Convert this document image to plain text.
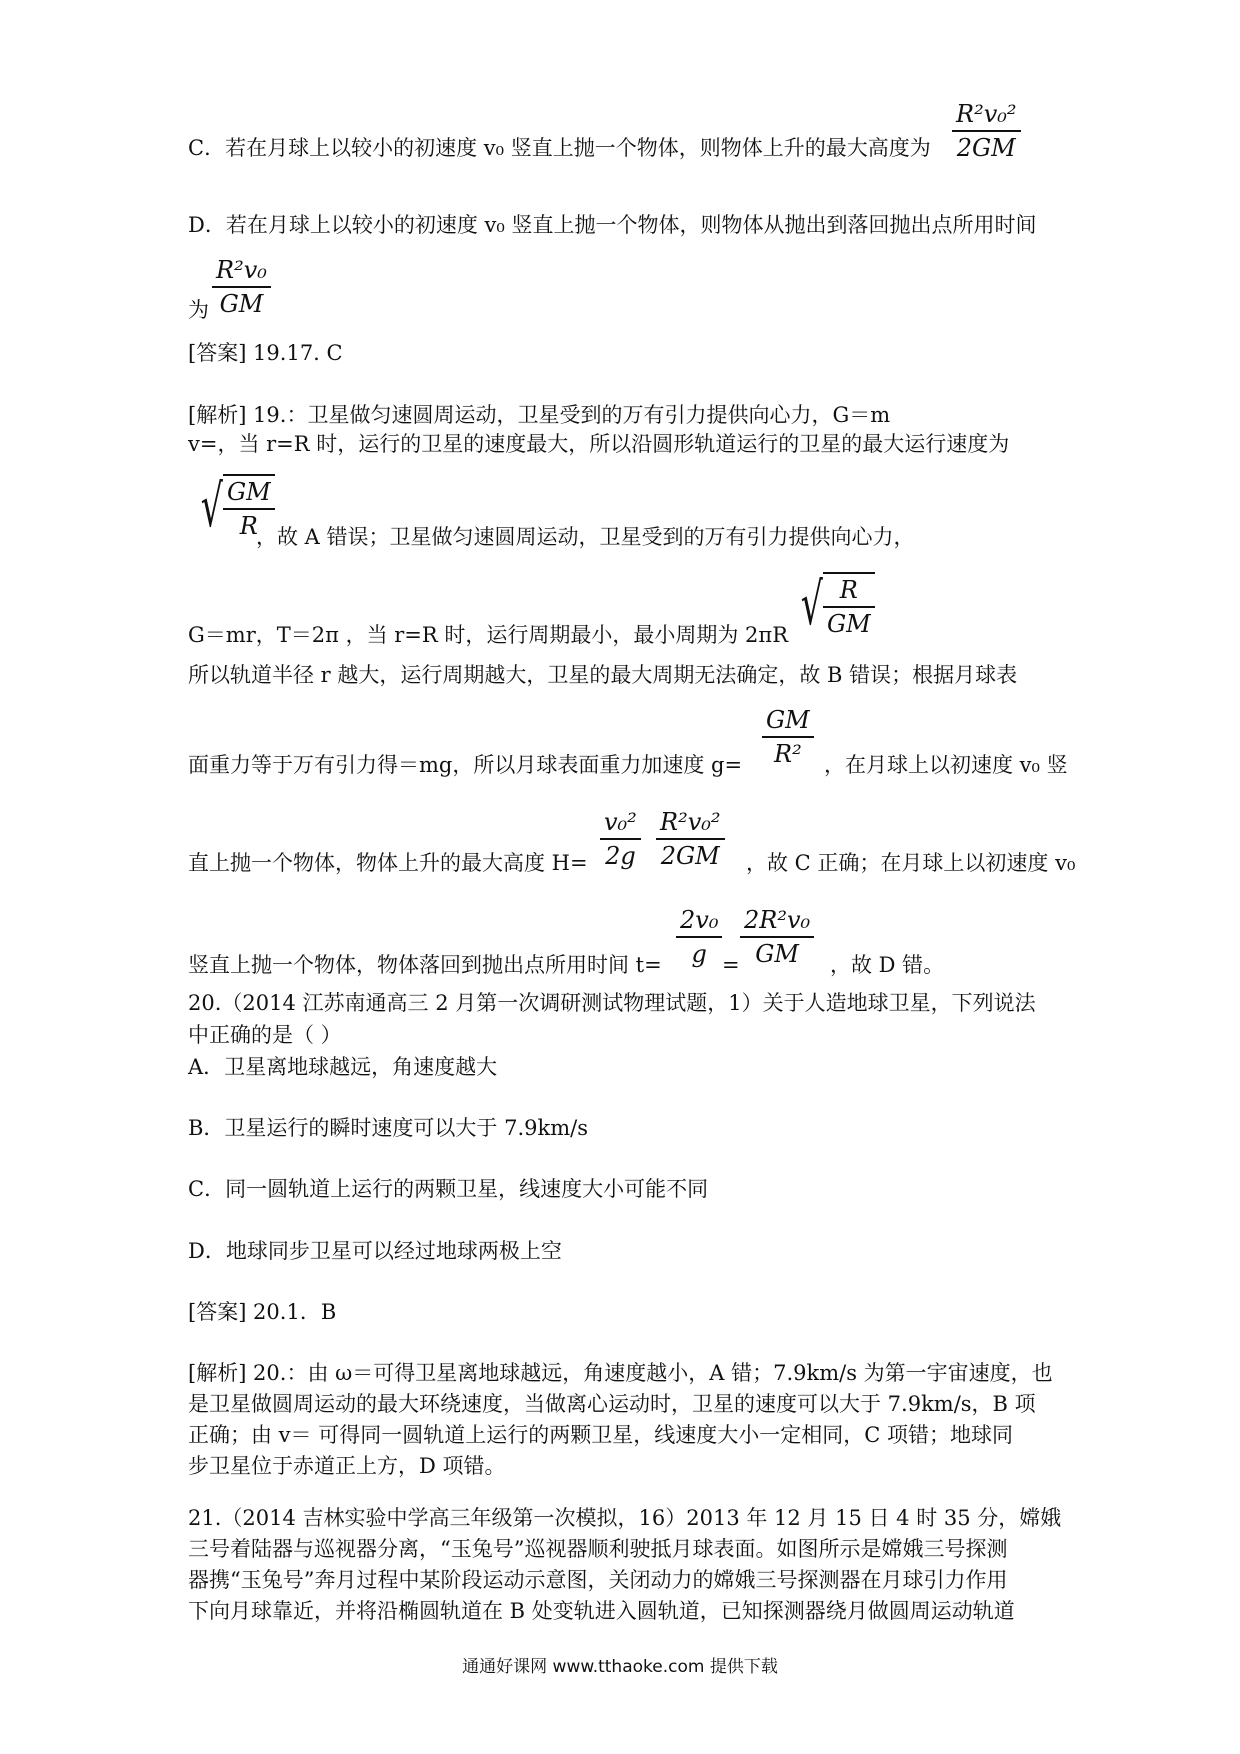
C．若在月球上以较小的初速度 v₀ 竖直上抛一个物体，则物体上升的最大高度为
R²v₀²
2GM
D．若在月球上以较小的初速度 v₀ 竖直上抛一个物体，则物体从抛出到落回抛出点所用时间
为
R²v₀
GM
[答案] 19.17. C
[解析] 19.：卫星做匀速圆周运动，卫星受到的万有引力提供向心力，G＝m
v=，当 r=R 时，运行的卫星的速度最大，所以沿圆形轨道运行的卫星的最大运行速度为
√ $\frac{GM}{R}$
，故 A 错误；卫星做匀速圆周运动，卫星受到的万有引力提供向心力，
G＝mr，T＝2π ，当 r=R 时，运行周期最小，最小周期为 2πR √ $\frac{R}{GM}$
所以轨道半径 r 越大，运行周期越大，卫星的最大周期无法确定，故 B 错误；根据月球表
面重力等于万有引力得＝mg，所以月球表面重力加速度 g=
GM
R² ，在月球上以初速度 v₀ 竖
直上抛一个物体，物体上升的最大高度 H=
v₀²
2g
R²v₀²
2GM ，故 C 正确；在月球上以初速度 v₀
竖直上抛一个物体，物体落回到抛出点所用时间 t=
2v₀
g =
2R²v₀
GM ，故 D 错。
20.（2014 江苏南通高三 2 月第一次调研测试物理试题，1）关于人造地球卫星，下列说法
中正确的是（ ）
A．卫星离地球越远，角速度越大
B．卫星运行的瞬时速度可以大于 7.9km/s
C．同一圆轨道上运行的两颗卫星，线速度大小可能不同
D．地球同步卫星可以经过地球两极上空
[答案] 20.1．B
[解析] 20.：由 ω＝可得卫星离地球越远，角速度越小，A 错；7.9km/s 为第一宇宙速度，也
是卫星做圆周运动的最大环绕速度，当做离心运动时，卫星的速度可以大于 7.9km/s，B 项
正确；由 v＝ 可得同一圆轨道上运行的两颗卫星，线速度大小一定相同，C 项错；地球同
步卫星位于赤道正上方，D 项错。
21.（2014 吉林实验中学高三年级第一次模拟，16）2013 年 12 月 15 日 4 时 35 分，嫦娥
三号着陆器与巡视器分离，“玉兔号”巡视器顺利驶抵月球表面。如图所示是嫦娥三号探测
器携“玉兔号”奔月过程中某阶段运动示意图，关闭动力的嫦娥三号探测器在月球引力作用
下向月球靠近，并将沿椭圆轨道在 B 处变轨进入圆轨道，已知探测器绕月做圆周运动轨道
通通好课网 www.tthaoke.com 提供下载
